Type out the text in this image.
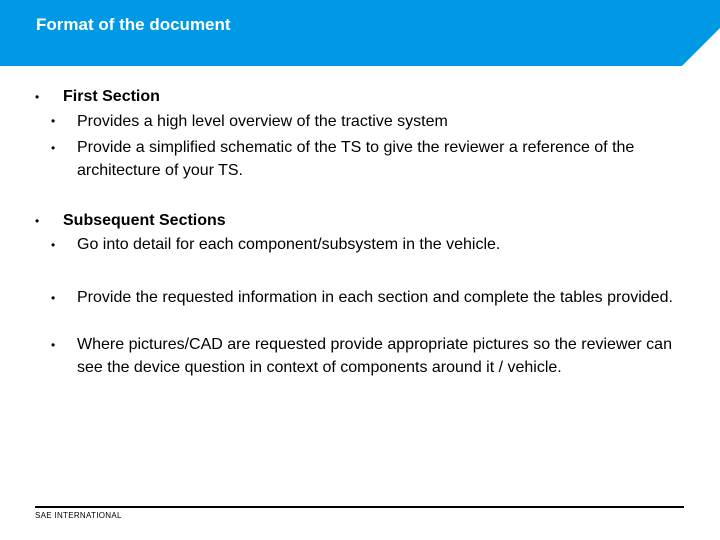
Format of the document
• First Section
• Provides a high level overview of the tractive system
• Provide a simplified schematic of the TS to give the reviewer a reference of the architecture of your TS.
• Subsequent Sections
• Go into detail for each component/subsystem in the vehicle.
• Provide the requested information in each section and complete the tables provided.
• Where pictures/CAD are requested provide appropriate pictures so the reviewer can see the device question in context of components around it / vehicle.
SAE INTERNATIONAL
